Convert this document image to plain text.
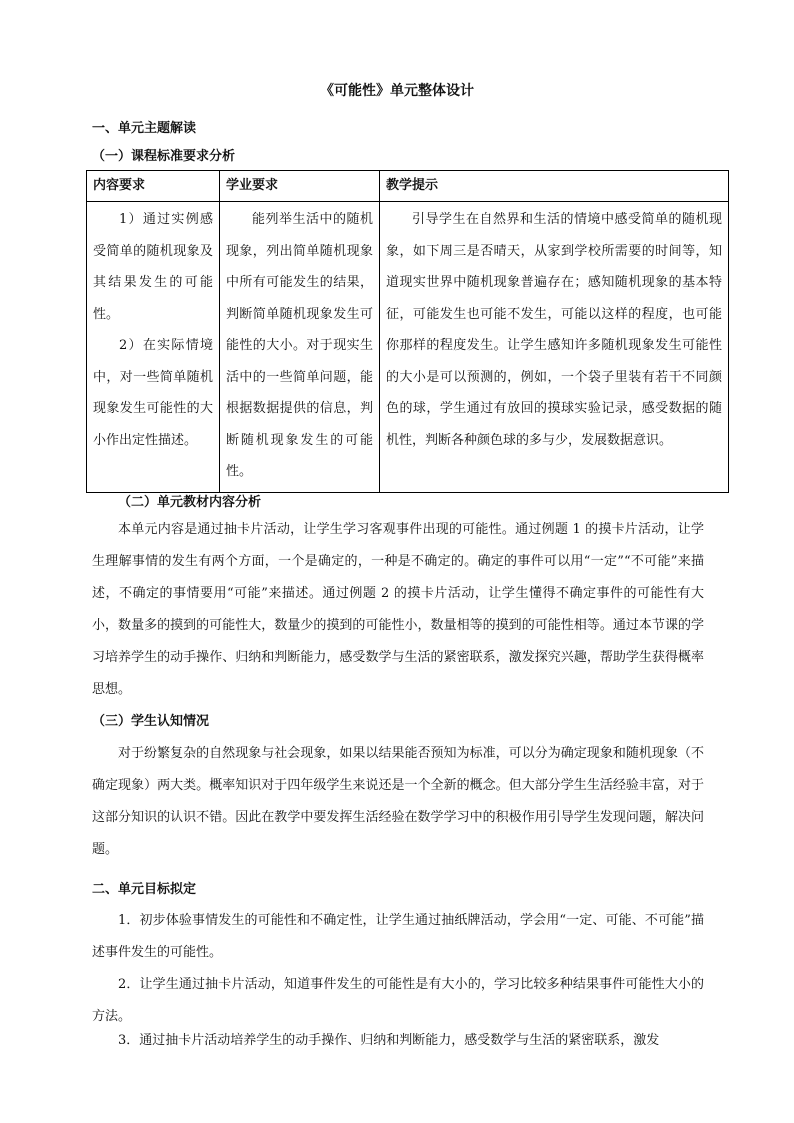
《可能性》单元整体设计
一、单元主题解读
（一）课程标准要求分析
内容要求	学业要求	教学提示

1）通过实例感受简单的随机现象及其结果发生的可能性。

2）在实际情境中，对一些简单随机现象发生可能性的大小作出定性描述。	能列举生活中的随机现象，列出简单随机现象中所有可能发生的结果，判断简单随机现象发生可能性的大小。对于现实生活中的一些简单问题，能根据数据提供的信息，判断随机现象发生的可能性。	引导学生在自然界和生活的情境中感受简单的随机现象，如下周三是否晴天，从家到学校所需要的时间等，知道现实世界中随机现象普遍存在；感知随机现象的基本特征，可能发生也可能不发生，可能以这样的程度，也可能你那样的程度发生。让学生感知许多随机现象发生可能性的大小是可以预测的，例如，一个袋子里装有若干不同颜色的球，学生通过有放回的摸球实验记录，感受数据的随机性，判断各种颜色球的多与少，发展数据意识。

（二）单元教材内容分析

本单元内容是通过抽卡片活动，让学生学习客观事件出现的可能性。通过例题 1 的摸卡片活动，让学生理解事情的发生有两个方面，一个是确定的，一种是不确定的。确定的事件可以用“一定”“不可能”来描述，不确定的事情要用“可能”来描述。通过例题 2 的摸卡片活动，让学生懂得不确定事件的可能性有大小，数量多的摸到的可能性大，数量少的摸到的可能性小，数量相等的摸到的可能性相等。通过本节课的学习培养学生的动手操作、归纳和判断能力，感受数学与生活的紧密联系，激发探究兴趣，帮助学生获得概率思想。

（三）学生认知情况

对于纷繁复杂的自然现象与社会现象，如果以结果能否预知为标准，可以分为确定现象和随机现象（不确定现象）两大类。概率知识对于四年级学生来说还是一个全新的概念。但大部分学生生活经验丰富，对于这部分知识的认识不错。因此在教学中要发挥生活经验在数学学习中的积极作用引导学生发现问题，解决问题。

二、单元目标拟定

1．初步体验事情发生的可能性和不确定性，让学生通过抽纸牌活动，学会用“一定、可能、不可能”描述事件发生的可能性。

2．让学生通过抽卡片活动，知道事件发生的可能性是有大小的，学习比较多种结果事件可能性大小的方法。

3．通过抽卡片活动培养学生的动手操作、归纳和判断能力，感受数学与生活的紧密联系，激发
